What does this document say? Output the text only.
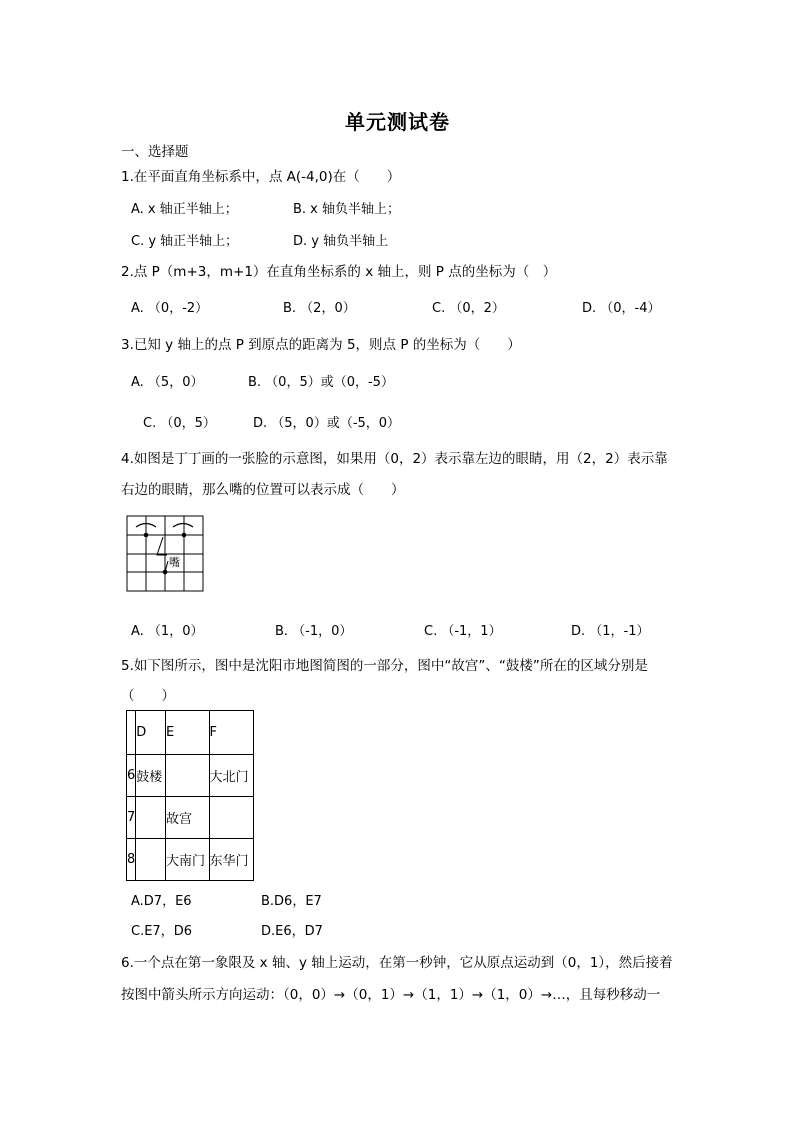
单元测试卷
一、选择题
1.在平面直角坐标系中，点 A(-4,0)在（　　）
A. x 轴正半轴上；	B. x 轴负半轴上；
C. y 轴正半轴上；	D. y 轴负半轴上
2.点 P（m+3，m+1）在直角坐标系的 x 轴上，则 P 点的坐标为（　）
A. （0，-2）	B. （2，0）	C. （0，2）	D. （0，-4）
3.已知 y 轴上的点 P 到原点的距离为 5，则点 P 的坐标为（　　）
A. （5，0）	B. （0，5）或（0，-5）
C. （0，5）	D. （5，0）或（-5，0）
4.如图是丁丁画的一张脸的示意图，如果用（0，2）表示靠左边的眼睛，用（2，2）表示靠
右边的眼睛，那么嘴的位置可以表示成（　　）
嘴
A. （1，0）	B. （-1，0）	C. （-1，1）	D. （1，-1）
5.如下图所示，图中是沈阳市地图简图的一部分，图中“故宫”、“鼓楼”所在的区域分别是
（　　）
	D	E	F
6	鼓楼		大北门
7		故宫	
8		大南门	东华门
A.D7，E6	B.D6，E7
C.E7，D6	D.E6，D7
6.一个点在第一象限及 x 轴、y 轴上运动，在第一秒钟，它从原点运动到（0，1），然后接着
按图中箭头所示方向运动：（0，0）→（0，1）→（1，1）→（1，0）→…，且每秒移动一
